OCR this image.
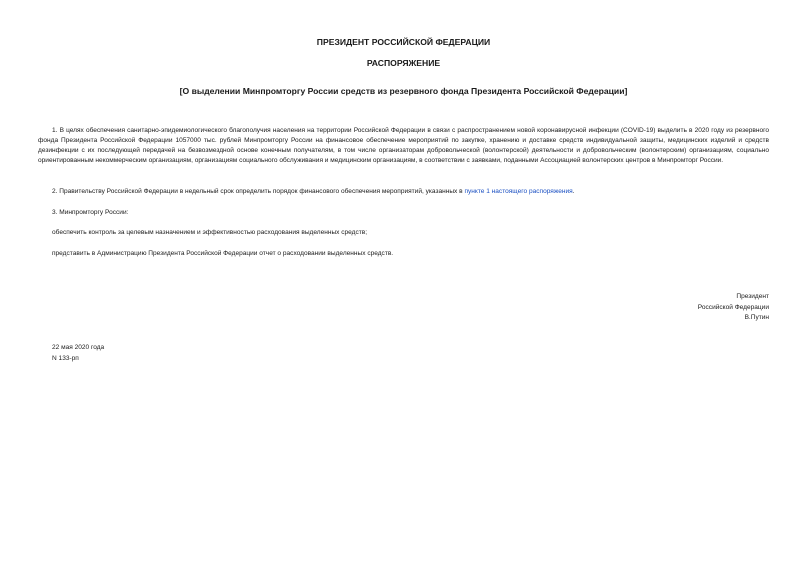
ПРЕЗИДЕНТ РОССИЙСКОЙ ФЕДЕРАЦИИ
РАСПОРЯЖЕНИЕ
[О выделении Минпромторгу России средств из резервного фонда Президента Российской Федерации]
1. В целях обеспечения санитарно-эпидемиологического благополучия населения на территории Российской Федерации в связи с распространением новой коронавирусной инфекции (COVID-19) выделить в 2020 году из резервного фонда Президента Российской Федерации 1057000 тыс. рублей Минпромторгу России на финансовое обеспечение мероприятий по закупке, хранению и доставке средств индивидуальной защиты, медицинских изделий и средств дезинфекции с их последующей передачей на безвозмездной основе конечным получателям, в том числе организаторам добровольческой (волонтерской) деятельности и добровольческим (волонтерским) организациям, социально ориентированным некоммерческим организациям, организациям социального обслуживания и медицинским организациям, в соответствии с заявками, поданными Ассоциацией волонтерских центров в Минпромторг России.
2. Правительству Российской Федерации в недельный срок определить порядок финансового обеспечения мероприятий, указанных в пункте 1 настоящего распоряжения.
3. Минпромторгу России:
обеспечить контроль за целевым назначением и эффективностью расходования выделенных средств;
представить в Администрацию Президента Российской Федерации отчет о расходовании выделенных средств.
Президент
Российской Федерации
В.Путин
22 мая 2020 года
N 133-рп
